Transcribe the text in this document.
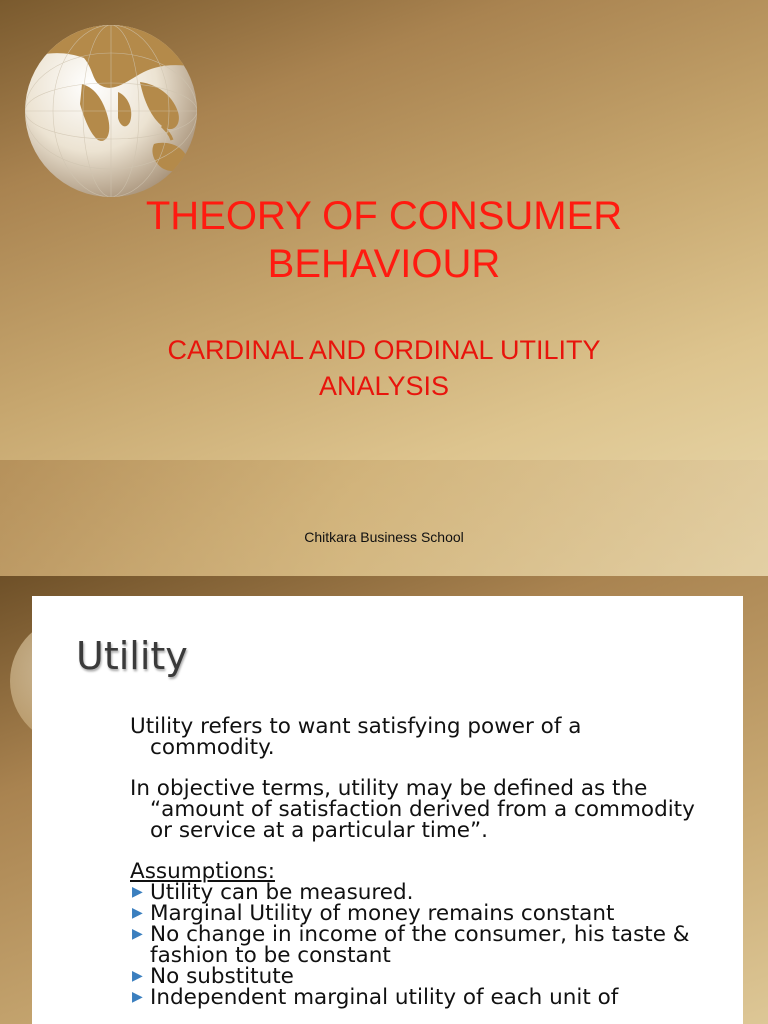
THEORY OF CONSUMER
BEHAVIOUR
CARDINAL AND ORDINAL UTILITY
ANALYSIS
Chitkara Business School
Utility

Utility refers to want satisfying power of a commodity.

In objective terms, utility may be defined as the “amount of satisfaction derived from a commodity or service at a particular time”.

Assumptions:

▶ Utility can be measured.
▶ Marginal Utility of money remains constant
▶ No change in income of the consumer, his taste & fashion to be constant
▶ No substitute
▶ Independent marginal utility of each unit of
